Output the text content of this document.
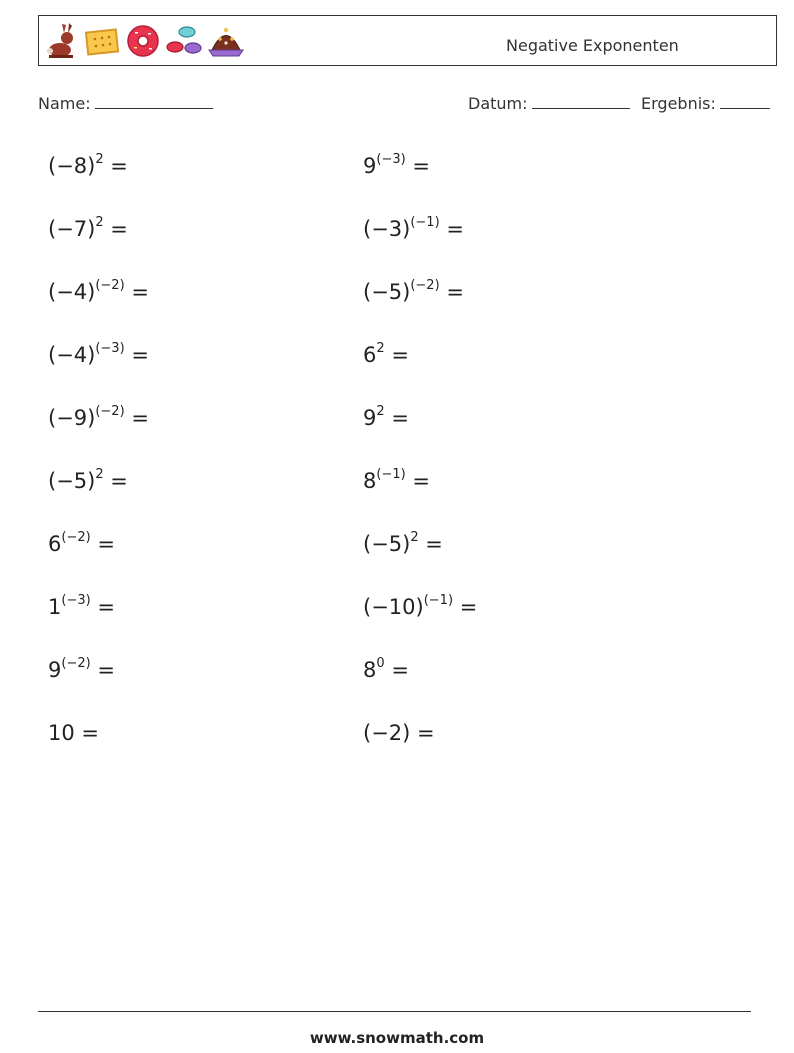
Negative Exponenten
Name:	Datum:	Ergebnis:
$(-8)^2$ =
$(-7)^2$ =
$(-4)^{(-2)}$ =
$(-4)^{(-3)}$ =
$(-9)^{(-2)}$ =
$(-5)^2$ =
$6^{(-2)}$ =
$1^{(-3)}$ =
$9^{(-2)}$ =
10 =
$9^{(-3)}$ =
$(-3)^{(-1)}$ =
$(-5)^{(-2)}$ =
$6^2$ =
$9^2$ =
$8^{(-1)}$ =
$(-5)^2$ =
$(-10)^{(-1)}$ =
$8^0$ =
(−2) =
www.snowmath.com
